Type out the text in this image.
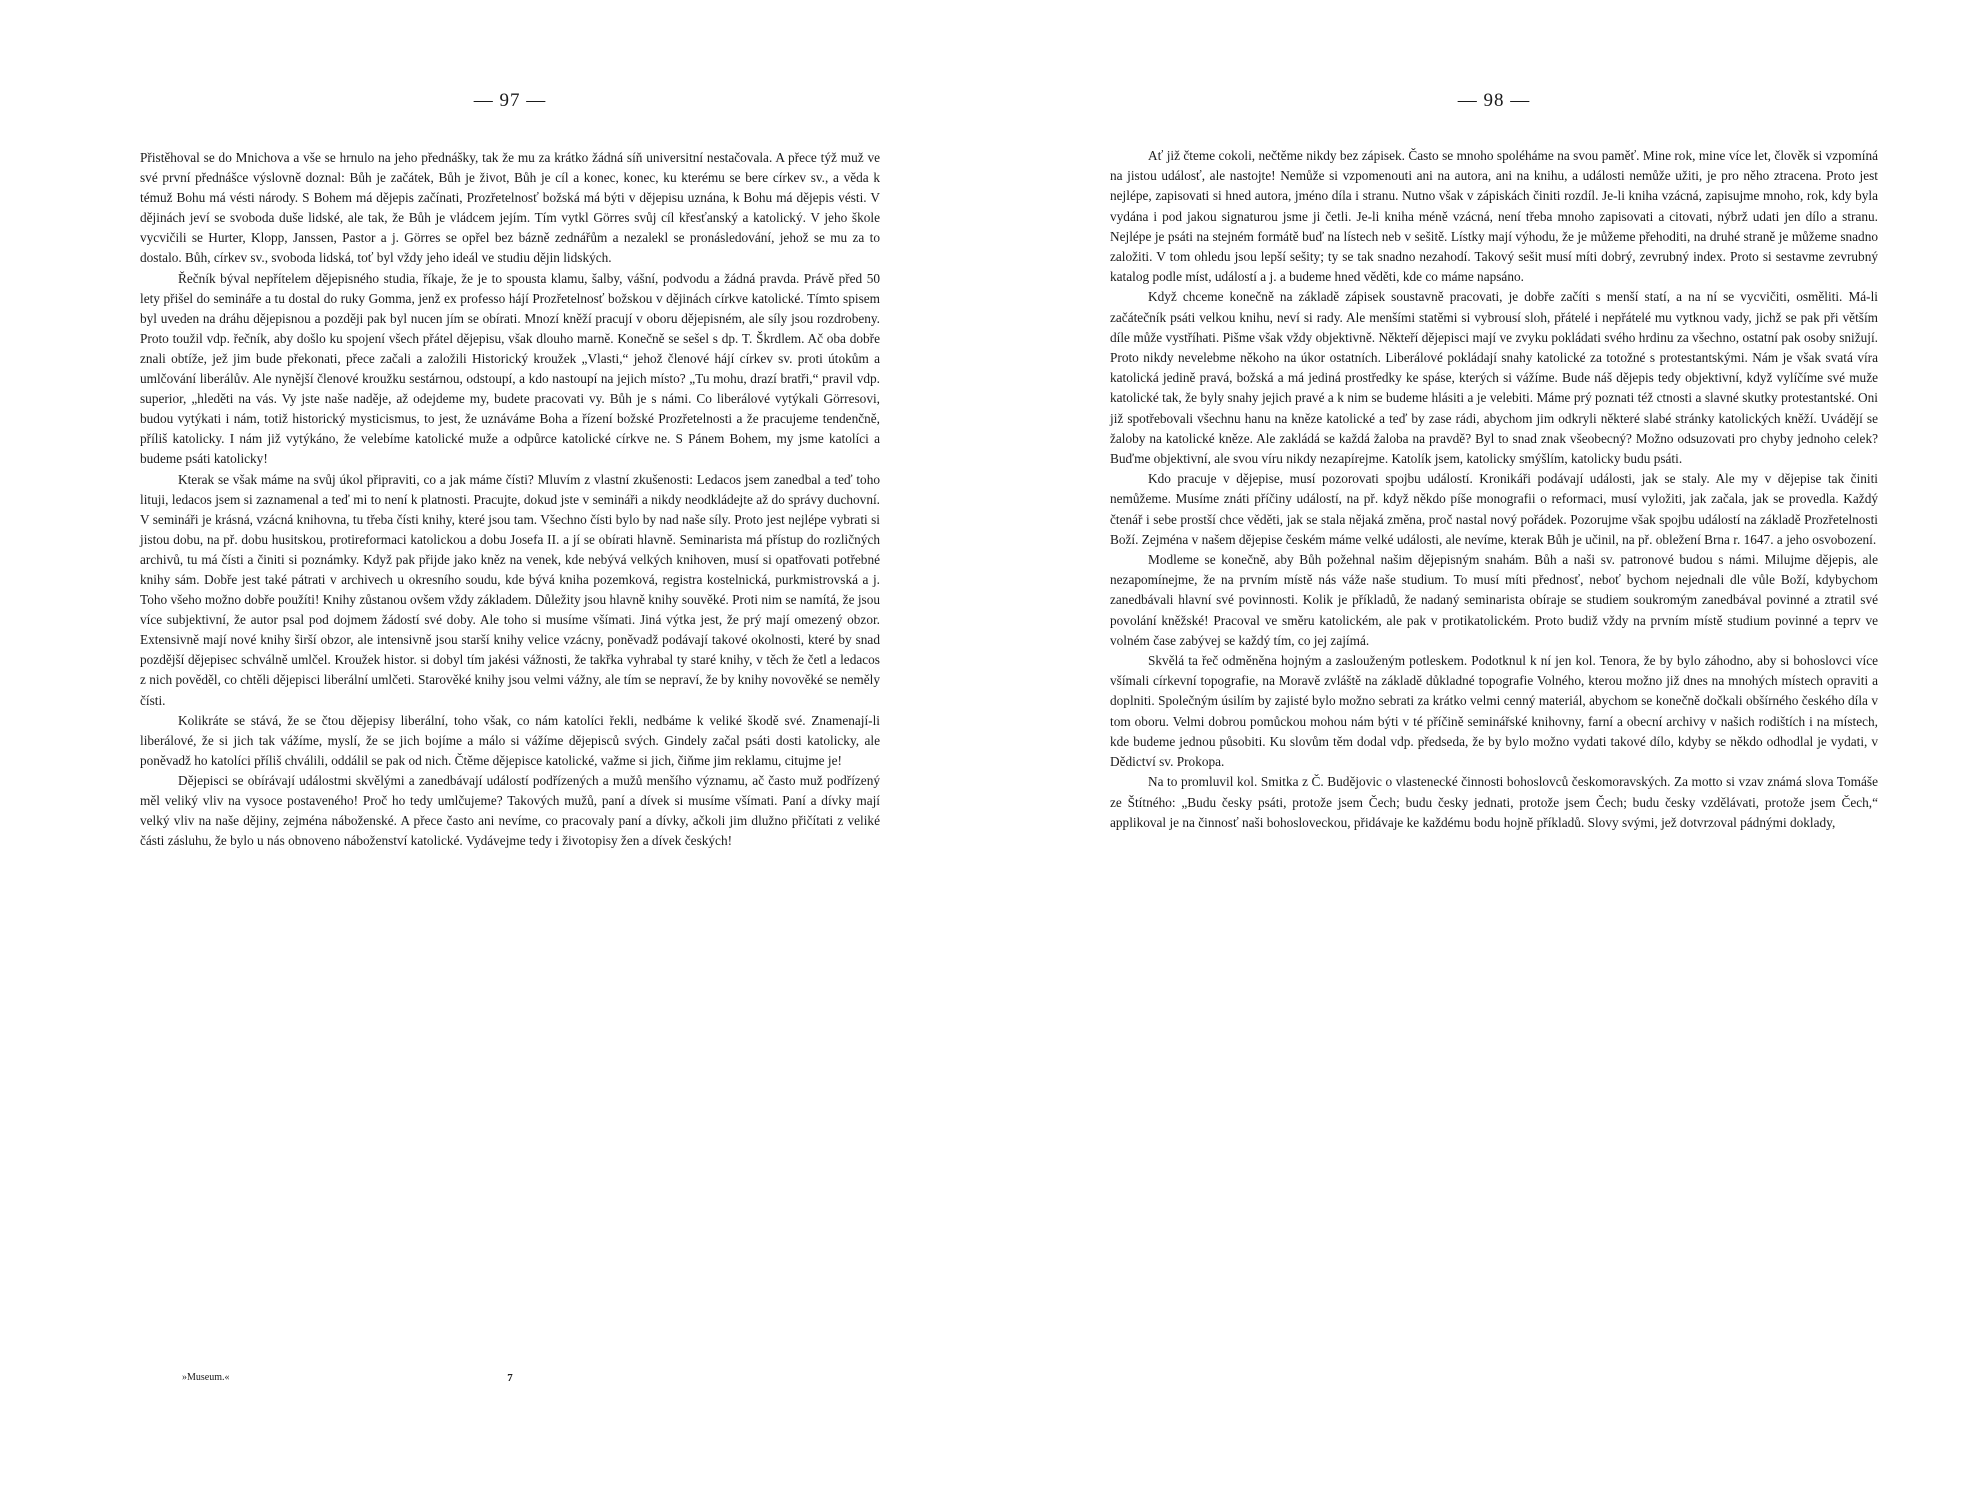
— 97 —

Přistěhoval se do Mnichova a vše se hrnulo na jeho přednášky, tak že mu za krátko žádná síň universitní nestačovala. A přece týž muž ve své první přednášce výslovně doznal: Bůh je začátek, Bůh je život, Bůh je cíl a konec, konec, ku kterému se bere církev sv., a věda k témuž Bohu má vésti národy. S Bohem má dějepis začínati, Prozřetelnosť božská má býti v dějepisu uznána, k Bohu má dějepis vésti. V dějinách jeví se svoboda duše lidské, ale tak, že Bůh je vládcem jejím. Tím vytkl Görres svůj cíl křesťanský a katolický. V jeho škole vycvičili se Hurter, Klopp, Janssen, Pastor a j. Görres se opřel bez bázně zednářům a nezalekl se pronásledování, jehož se mu za to dostalo. Bůh, církev sv., svoboda lidská, toť byl vždy jeho ideál ve studiu dějin lidských.

Řečník býval nepřítelem dějepisného studia, říkaje, že je to spousta klamu, šalby, vášní, podvodu a žádná pravda. Právě před 50 lety přišel do semináře a tu dostal do ruky Gomma, jenž ex professo hájí Prozřetelnosť božskou v dějinách církve katolické. Tímto spisem byl uveden na dráhu dějepisnou a později pak byl nucen jím se obírati. Mnozí kněží pracují v oboru dějepisném, ale síly jsou rozdrobeny. Proto toužil vdp. řečník, aby došlo ku spojení všech přátel dějepisu, však dlouho marně. Konečně se sešel s dp. T. Škrdlem. Ač oba dobře znali obtíže, jež jim bude překonati, přece začali a založili Historický kroužek „Vlasti,“ jehož členové hájí církev sv. proti útokům a umlčování liberálův. Ale nynější členové kroužku sestárnou, odstoupí, a kdo nastoupí na jejich místo? „Tu mohu, drazí bratři,“ pravil vdp. superior, „hleděti na vás. Vy jste naše naděje, až odejdeme my, budete pracovati vy. Bůh je s námi. Co liberálové vytýkali Görresovi, budou vytýkati i nám, totiž historický mysticismus, to jest, že uznáváme Boha a řízení božské Prozřetelnosti a že pracujeme tendenčně, příliš katolicky. I nám již vytýkáno, že velebíme katolické muže a odpůrce katolické církve ne. S Pánem Bohem, my jsme katolíci a budeme psáti katolicky!

Kterak se však máme na svůj úkol připraviti, co a jak máme čísti? Mluvím z vlastní zkušenosti: Ledacos jsem zanedbal a teď toho lituji, ledacos jsem si zaznamenal a teď mi to není k platnosti. Pracujte, dokud jste v semináři a nikdy neodkládejte až do správy duchovní. V semináři je krásná, vzácná knihovna, tu třeba čísti knihy, které jsou tam. Všechno čísti bylo by nad naše síly. Proto jest nejlépe vybrati si jistou dobu, na př. dobu husitskou, protireformaci katolickou a dobu Josefa II. a jí se obírati hlavně. Seminarista má přístup do rozličných archivů, tu má čísti a činiti si poznámky. Když pak přijde jako kněz na venek, kde nebývá velkých knihoven, musí si opatřovati potřebné knihy sám. Dobře jest také pátrati v archivech u okresního soudu, kde bývá kniha pozemková, registra kostelnická, purkmistrovská a j. Toho všeho možno dobře použíti! Knihy zůstanou ovšem vždy základem. Důležity jsou hlavně knihy souvěké. Proti nim se namítá, že jsou více subjektivní, že autor psal pod dojmem žádostí své doby. Ale toho si musíme všímati. Jiná výtka jest, že prý mají omezený obzor. Extensivně mají nové knihy širší obzor, ale intensivně jsou starší knihy velice vzácny, poněvadž podávají takové okolnosti, které by snad pozdější dějepisec schválně umlčel. Kroužek histor. si dobyl tím jakési vážnosti, že takřka vyhrabal ty staré knihy, v těch že četl a ledacos z nich pověděl, co chtěli dějepisci liberální umlčeti. Starověké knihy jsou velmi vážny, ale tím se nepraví, že by knihy novověké se neměly čísti.

Kolikráte se stává, že se čtou dějepisy liberální, toho však, co nám katolíci řekli, nedbáme k veliké škodě své. Znamenají-li liberálové, že si jich tak vážíme, myslí, že se jich bojíme a málo si vážíme dějepisců svých. Gindely začal psáti dosti katolicky, ale poněvadž ho katolíci příliš chválili, oddálil se pak od nich. Čtěme dějepisce katolické, važme si jich, čiňme jim reklamu, citujme je!

Dějepisci se obírávají událostmi skvělými a zanedbávají událostí podřízených a mužů menšího významu, ač často muž podřízený měl veliký vliv na vysoce postaveného! Proč ho tedy umlčujeme? Takových mužů, paní a dívek si musíme všímati. Paní a dívky mají velký vliv na naše dějiny, zejména náboženské. A přece často ani nevíme, co pracovaly paní a dívky, ačkoli jim dlužno přičítati z veliké části zásluhu, že bylo u nás obnoveno náboženství katolické. Vydávejme tedy i životopisy žen a dívek českých!

»Museum.«	7
— 98 —

Ať již čteme cokoli, nečtěme nikdy bez zápisek. Často se mnoho spoléháme na svou paměť. Mine rok, mine více let, člověk si vzpomíná na jistou událosť, ale nastojte! Nemůže si vzpomenouti ani na autora, ani na knihu, a události nemůže užiti, je pro něho ztracena. Proto jest nejlépe, zapisovati si hned autora, jméno díla i stranu. Nutno však v zápiskách činiti rozdíl. Je-li kniha vzácná, zapisujme mnoho, rok, kdy byla vydána i pod jakou signaturou jsme ji četli. Je-li kniha méně vzácná, není třeba mnoho zapisovati a citovati, nýbrž udati jen dílo a stranu. Nejlépe je psáti na stejném formátě buď na lístech neb v sešitě. Lístky mají výhodu, že je můžeme přehoditi, na druhé straně je můžeme snadno založiti. V tom ohledu jsou lepší sešity; ty se tak snadno nezahodí. Takový sešit musí míti dobrý, zevrubný index. Proto si sestavme zevrubný katalog podle míst, událostí a j. a budeme hned věděti, kde co máme napsáno.

Když chceme konečně na základě zápisek soustavně pracovati, je dobře začíti s menší statí, a na ní se vycvičiti, osměliti. Má-li začátečník psáti velkou knihu, neví si rady. Ale menšími statěmi si vybrousí sloh, přátelé i nepřátelé mu vytknou vady, jichž se pak při větším díle může vystříhati. Pišme však vždy objektivně. Někteří dějepisci mají ve zvyku pokládati svého hrdinu za všechno, ostatní pak osoby snižují. Proto nikdy nevelebme někoho na úkor ostatních. Liberálové pokládají snahy katolické za totožné s protestantskými. Nám je však svatá víra katolická jedině pravá, božská a má jediná prostředky ke spáse, kterých si vážíme. Bude náš dějepis tedy objektivní, když vylíčíme své muže katolické tak, že byly snahy jejich pravé a k nim se budeme hlásiti a je velebiti. Máme prý poznati též ctnosti a slavné skutky protestantské. Oni již spotřebovali všechnu hanu na kněze katolické a teď by zase rádi, abychom jim odkryli některé slabé stránky katolických kněží. Uvádějí se žaloby na katolické kněze. Ale zakládá se každá žaloba na pravdě? Byl to snad znak všeobecný? Možno odsuzovati pro chyby jednoho celek? Buďme objektivní, ale svou víru nikdy nezapírejme. Katolík jsem, katolicky smýšlím, katolicky budu psáti.

Kdo pracuje v dějepise, musí pozorovati spojbu událostí. Kronikáři podávají události, jak se staly. Ale my v dějepise tak činiti nemůžeme. Musíme znáti příčiny událostí, na př. když někdo píše monografii o reformaci, musí vyložiti, jak začala, jak se provedla. Každý čtenář i sebe prostší chce věděti, jak se stala nějaká změna, proč nastal nový pořádek. Pozorujme však spojbu událostí na základě Prozřetelnosti Boží. Zejména v našem dějepise českém máme velké události, ale nevíme, kterak Bůh je učinil, na př. obležení Brna r. 1647. a jeho osvobození.

Modleme se konečně, aby Bůh požehnal našim dějepisným snahám. Bůh a naši sv. patronové budou s námi. Milujme dějepis, ale nezapomínejme, že na prvním místě nás váže naše studium. To musí míti přednosť, neboť bychom nejednali dle vůle Boží, kdybychom zanedbávali hlavní své povinnosti. Kolik je příkladů, že nadaný seminarista obíraje se studiem soukromým zanedbával povinné a ztratil své povolání kněžské! Pracoval ve směru katolickém, ale pak v protikatolickém. Proto budiž vždy na prvním místě studium povinné a teprv ve volném čase zabývej se každý tím, co jej zajímá.

Skvělá ta řeč odměněna hojným a zaslouženým potleskem. Podotknul k ní jen kol. Tenora, že by bylo záhodno, aby si bohoslovci více všímali církevní topografie, na Moravě zvláště na základě důkladné topografie Volného, kterou možno již dnes na mnohých místech opraviti a doplniti. Společným úsilím by zajisté bylo možno sebrati za krátko velmi cenný materiál, abychom se konečně dočkali obšírného českého díla v tom oboru. Velmi dobrou pomůckou mohou nám býti v té příčině seminářské knihovny, farní a obecní archivy v našich rodištích i na místech, kde budeme jednou působiti. Ku slovům těm dodal vdp. předseda, že by bylo možno vydati takové dílo, kdyby se někdo odhodlal je vydati, v Dědictví sv. Prokopa.

Na to promluvil kol. Smitka z Č. Budějovic o vlastenecké činnosti bohoslovců českomoravských. Za motto si vzav známá slova Tomáše ze Štítného: „Budu česky psáti, protože jsem Čech; budu česky jednati, protože jsem Čech; budu česky vzdělávati, protože jsem Čech,“ applikoval je na činnosť naši bohosloveckou, přidávaje ke každému bodu hojně příkladů. Slovy svými, jež dotvrzoval pádnými doklady,
